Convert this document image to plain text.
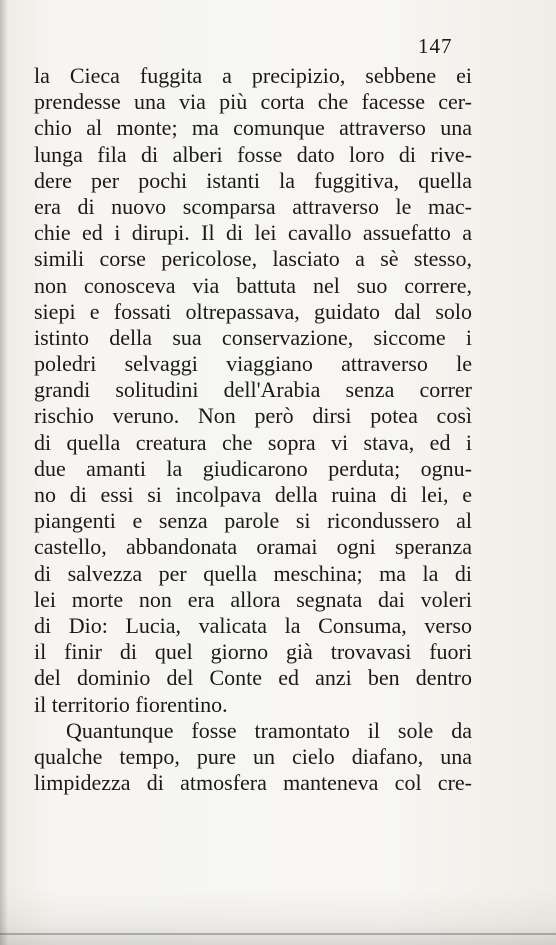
147
la Cieca fuggita a precipizio, sebbene ei
prendesse una via più corta che facesse cer-
chio al monte; ma comunque attraverso una
lunga fila di alberi fosse dato loro di rive-
dere per pochi istanti la fuggitiva, quella
era di nuovo scomparsa attraverso le mac-
chie ed i dirupi. Il di lei cavallo assuefatto a
simili corse pericolose, lasciato a sè stesso,
non conosceva via battuta nel suo correre,
siepi e fossati oltrepassava, guidato dal solo
istinto della sua conservazione, siccome i
poledri selvaggi viaggiano attraverso le
grandi solitudini dell'Arabia senza correr
rischio veruno. Non però dirsi potea così
di quella creatura che sopra vi stava, ed i
due amanti la giudicarono perduta; ognu-
no di essi si incolpava della ruina di lei, e
piangenti e senza parole si ricondussero al
castello, abbandonata oramai ogni speranza
di salvezza per quella meschina; ma la di
lei morte non era allora segnata dai voleri
di Dio: Lucia, valicata la Consuma, verso
il finir di quel giorno già trovavasi fuori
del dominio del Conte ed anzi ben dentro
il territorio fiorentino.
Quantunque fosse tramontato il sole da
qualche tempo, pure un cielo diafano, una
limpidezza di atmosfera manteneva col cre-
